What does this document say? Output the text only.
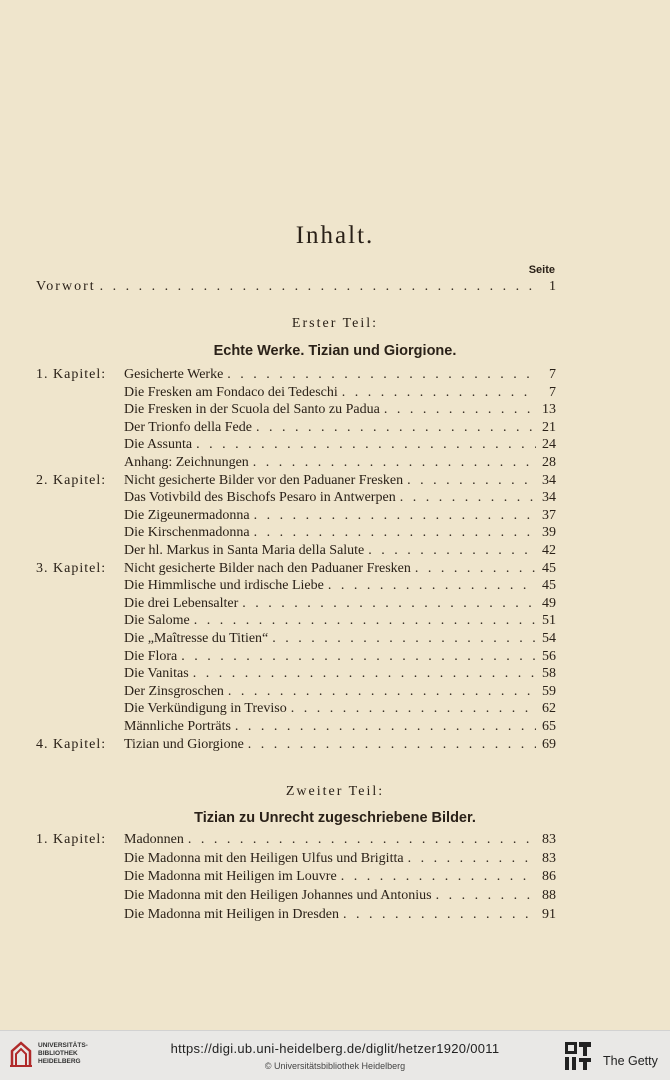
Inhalt.
Seite
Vorwort . . .	1
Erster Teil:
Echte Werke. Tizian und Giorgione.
1. Kapitel: Gesicherte Werke . . .	7
Die Fresken am Fondaco dei Tedeschi . . .	7
Die Fresken in der Scuola del Santo zu Padua . . .	13
Der Trionfo della Fede . . .	21
Die Assunta . . .	24
Anhang: Zeichnungen . . .	28
2. Kapitel: Nicht gesicherte Bilder vor den Paduaner Fresken . . .	34
Das Votivbild des Bischofs Pesaro in Antwerpen . . .	34
Die Zigeunermadonna . . .	37
Die Kirschenmadonna . . .	39
Der hl. Markus in Santa Maria della Salute . . .	42
3. Kapitel: Nicht gesicherte Bilder nach den Paduaner Fresken . . .	45
Die Himmlische und irdische Liebe . . .	45
Die drei Lebensalter . . .	49
Die Salome . . .	51
Die „Maîtresse du Titien“ . . .	54
Die Flora . . .	56
Die Vanitas . . .	58
Der Zinsgroschen . . .	59
Die Verkündigung in Treviso . . .	62
Männliche Porträts . . .	65
4. Kapitel: Tizian und Giorgione . . .	69
Zweiter Teil:
Tizian zu Unrecht zugeschriebene Bilder.
1. Kapitel: Madonnen . . .	83
Die Madonna mit den Heiligen Ulfus und Brigitta . . .	83
Die Madonna mit Heiligen im Louvre . . .	86
Die Madonna mit den Heiligen Johannes und Antonius . . .	88
Die Madonna mit Heiligen in Dresden . . .	91
UNIVERSITÄTS-
BIBLIOTHEK
HEIDELBERG
https://digi.ub.uni-heidelberg.de/diglit/hetzer1920/0011
© Universitätsbibliothek Heidelberg	The Getty
